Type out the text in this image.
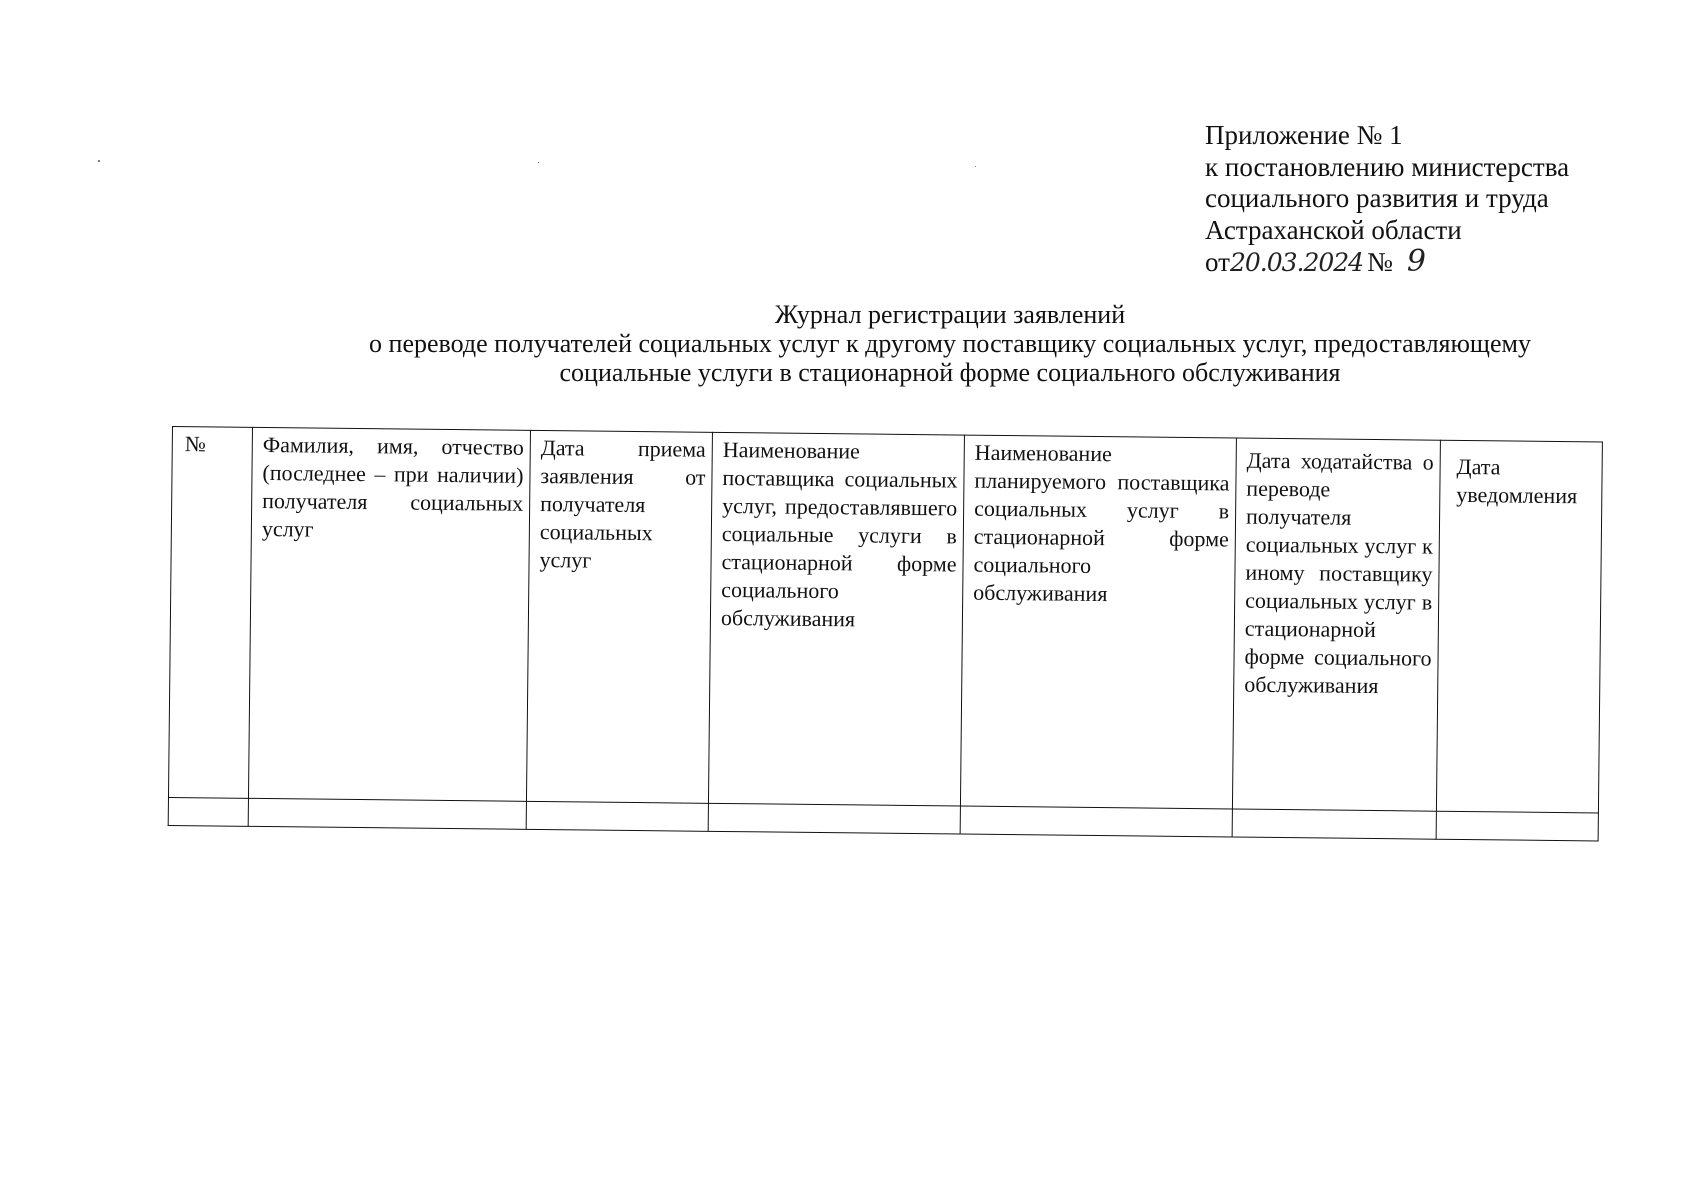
Приложение № 1
к постановлению министерства
социального развития и труда
Астраханской области
от 20.03.2024 № 9
Журнал регистрации заявлений
о переводе получателей социальных услуг к другому поставщику социальных услуг, предоставляющему
социальные услуги в стационарной форме социального обслуживания
№	Фамилия, имя, отчество (последнее – при наличии) получателя социальных услуг	Дата приема заявления от получателя социальных услуг	Наименование поставщика социальных услуг, предоставлявшего социальные услуги в стационарной форме социального обслуживания	Наименование планируемого поставщика социальных услуг в стационарной форме социального обслуживания	Дата ходатайства о переводе получателя социальных услуг к иному поставщику социальных услуг в стационарной форме социального обслуживания	Дата уведомления
